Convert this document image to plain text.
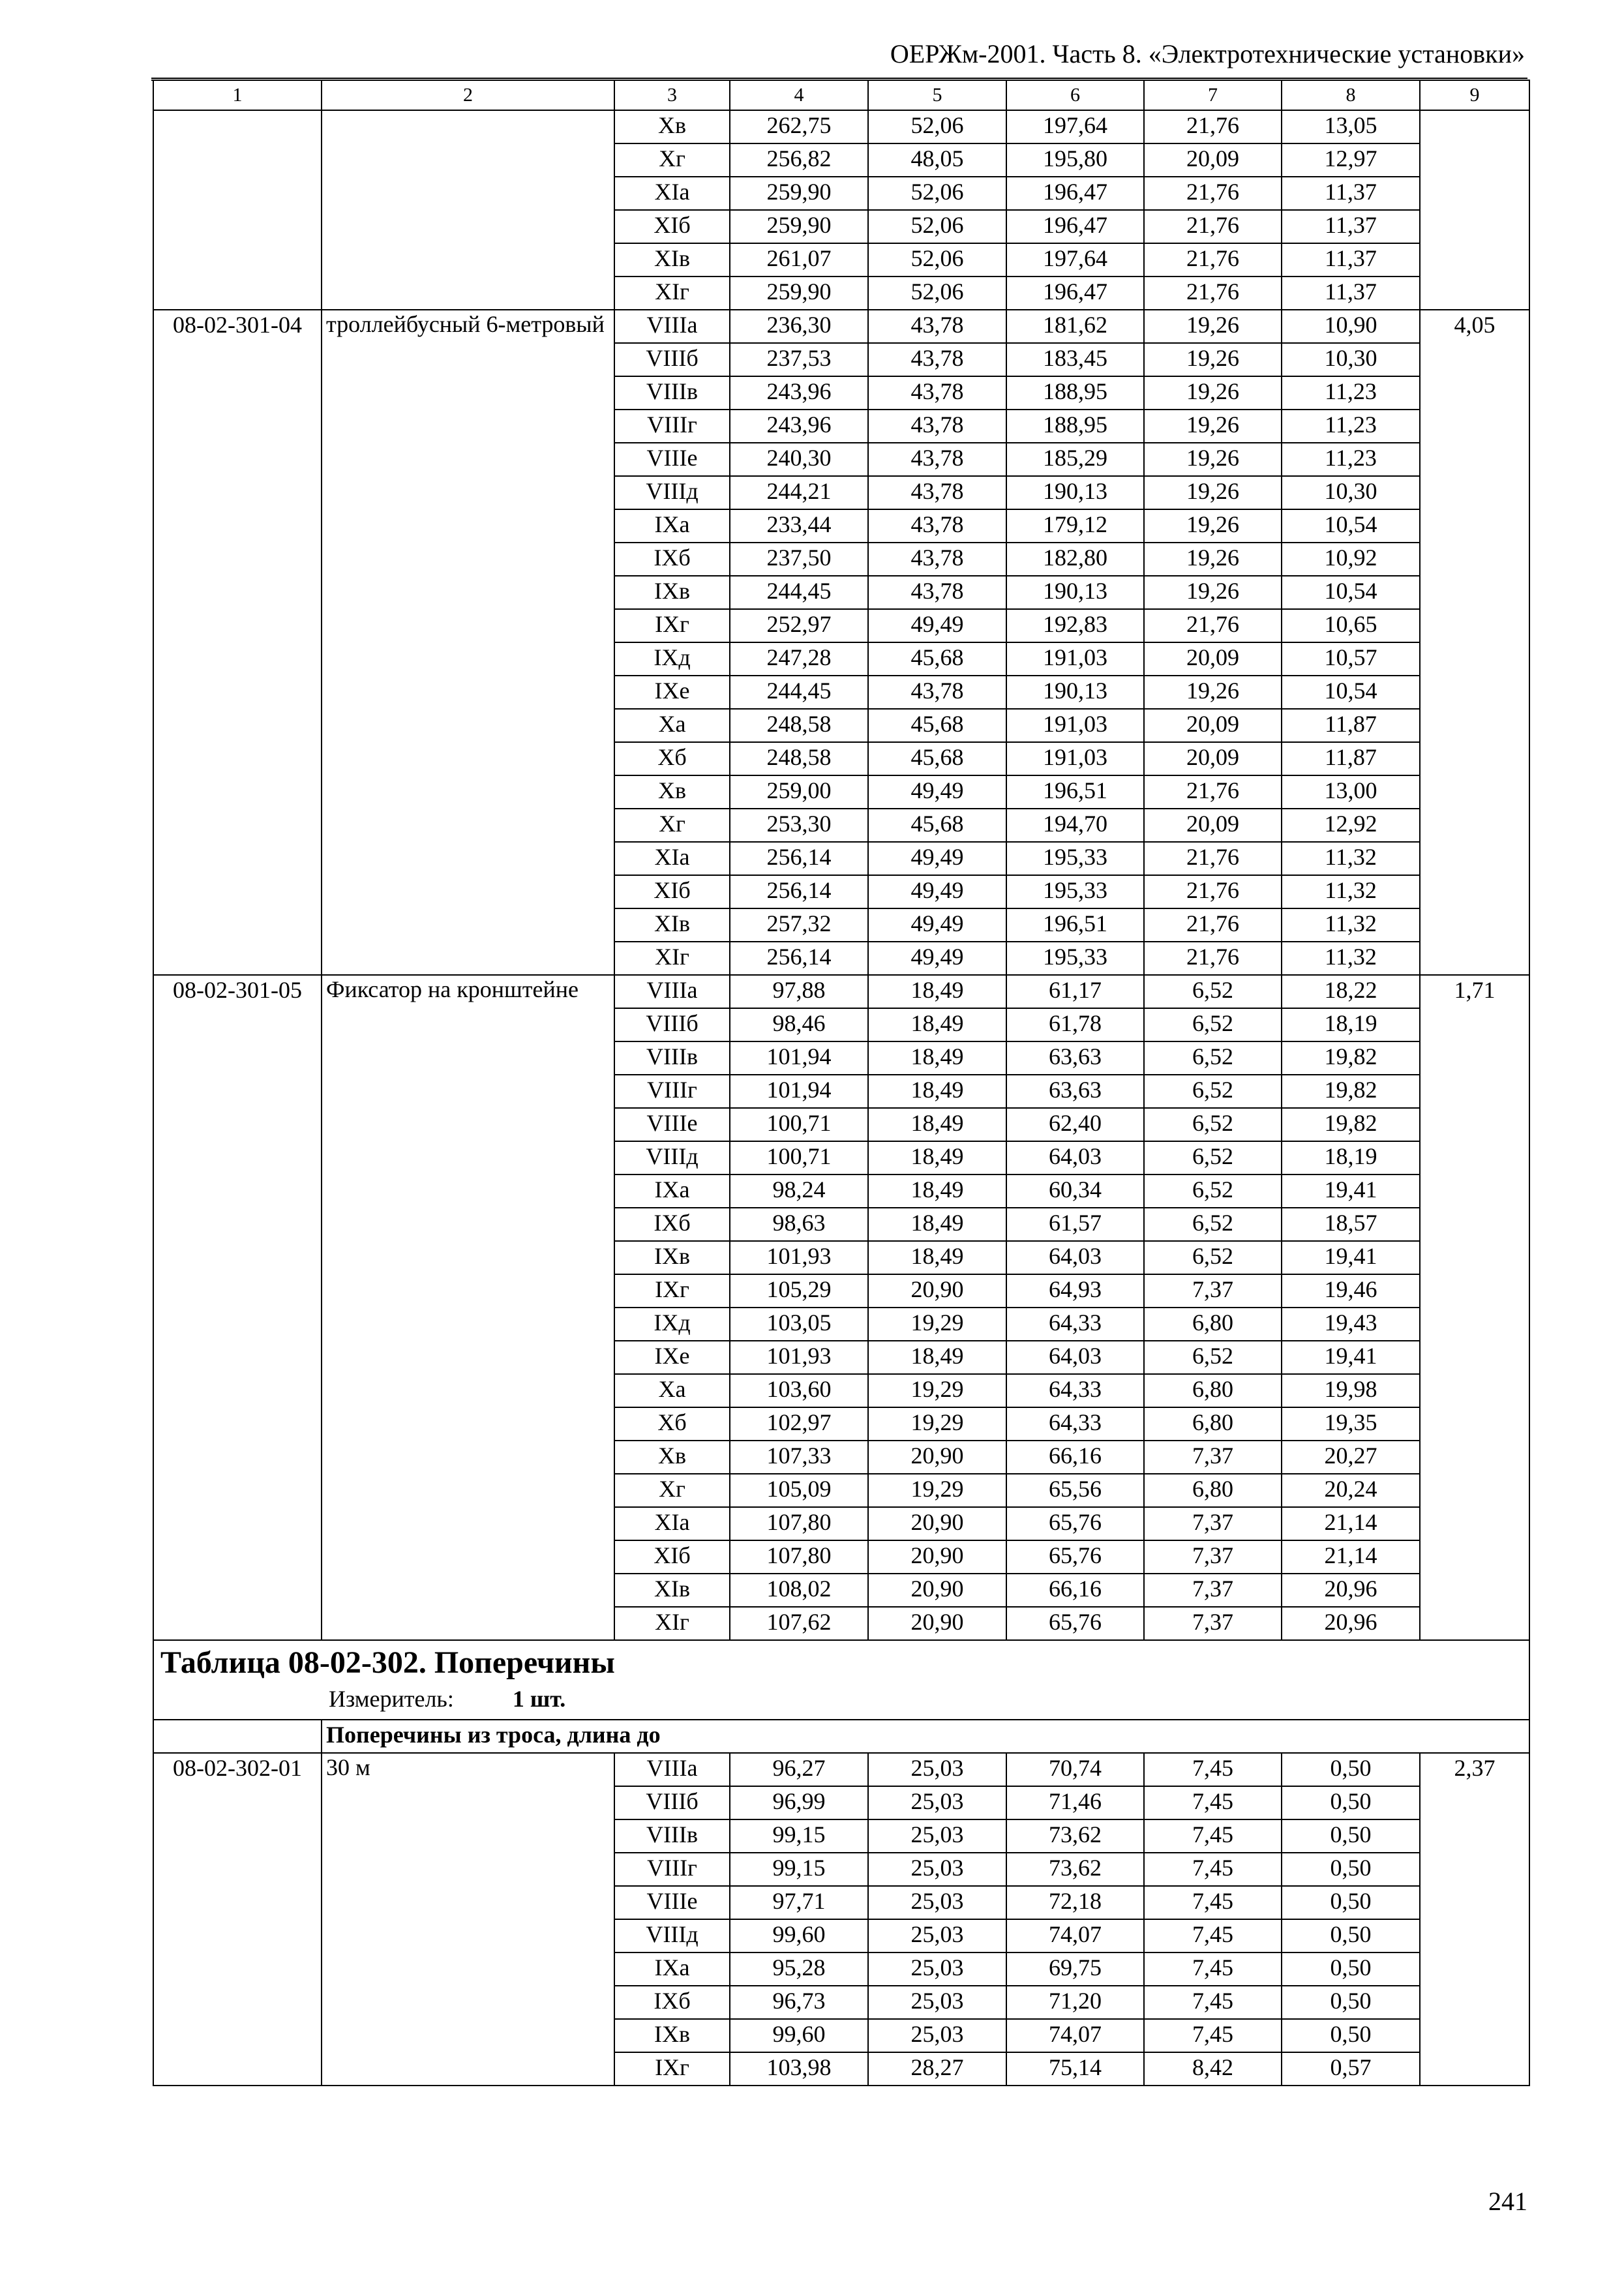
ОЕРЖм-2001. Часть 8. «Электротехнические установки»
1	2	3	4	5	6	7	8	9
		Хв	262,75	52,06	197,64	21,76	13,05	
		Хг	256,82	48,05	195,80	20,09	12,97	
		ХIа	259,90	52,06	196,47	21,76	11,37	
		ХIб	259,90	52,06	196,47	21,76	11,37	
		ХIв	261,07	52,06	197,64	21,76	11,37	
		ХIг	259,90	52,06	196,47	21,76	11,37	
08-02-301-04	троллейбусный 6-метровый	VIIIа	236,30	43,78	181,62	19,26	10,90	4,05
		VIIIб	237,53	43,78	183,45	19,26	10,30	
		VIIIв	243,96	43,78	188,95	19,26	11,23	
		VIIIг	243,96	43,78	188,95	19,26	11,23	
		VIIIе	240,30	43,78	185,29	19,26	11,23	
		VIIIд	244,21	43,78	190,13	19,26	10,30	
		IХа	233,44	43,78	179,12	19,26	10,54	
		IХб	237,50	43,78	182,80	19,26	10,92	
		IХв	244,45	43,78	190,13	19,26	10,54	
		IХг	252,97	49,49	192,83	21,76	10,65	
		IХд	247,28	45,68	191,03	20,09	10,57	
		IХе	244,45	43,78	190,13	19,26	10,54	
		Ха	248,58	45,68	191,03	20,09	11,87	
		Хб	248,58	45,68	191,03	20,09	11,87	
		Хв	259,00	49,49	196,51	21,76	13,00	
		Хг	253,30	45,68	194,70	20,09	12,92	
		ХIа	256,14	49,49	195,33	21,76	11,32	
		ХIб	256,14	49,49	195,33	21,76	11,32	
		ХIв	257,32	49,49	196,51	21,76	11,32	
		ХIг	256,14	49,49	195,33	21,76	11,32	
08-02-301-05	Фиксатор на кронштейне	VIIIа	97,88	18,49	61,17	6,52	18,22	1,71
		VIIIб	98,46	18,49	61,78	6,52	18,19	
		VIIIв	101,94	18,49	63,63	6,52	19,82	
		VIIIг	101,94	18,49	63,63	6,52	19,82	
		VIIIе	100,71	18,49	62,40	6,52	19,82	
		VIIIд	100,71	18,49	64,03	6,52	18,19	
		IХа	98,24	18,49	60,34	6,52	19,41	
		IХб	98,63	18,49	61,57	6,52	18,57	
		IХв	101,93	18,49	64,03	6,52	19,41	
		IХг	105,29	20,90	64,93	7,37	19,46	
		IХд	103,05	19,29	64,33	6,80	19,43	
		IХе	101,93	18,49	64,03	6,52	19,41	
		Ха	103,60	19,29	64,33	6,80	19,98	
		Хб	102,97	19,29	64,33	6,80	19,35	
		Хв	107,33	20,90	66,16	7,37	20,27	
		Хг	105,09	19,29	65,56	6,80	20,24	
		ХIа	107,80	20,90	65,76	7,37	21,14	
		ХIб	107,80	20,90	65,76	7,37	21,14	
		ХIв	108,02	20,90	66,16	7,37	20,96	
		ХIг	107,62	20,90	65,76	7,37	20,96	

Таблица 08-02-302. Поперечины
Измеритель: 1 шт.								

	Поперечины из троса, длина до							
08-02-302-01	30 м	VIIIа	96,27	25,03	70,74	7,45	0,50	2,37
		VIIIб	96,99	25,03	71,46	7,45	0,50	
		VIIIв	99,15	25,03	73,62	7,45	0,50	
		VIIIг	99,15	25,03	73,62	7,45	0,50	
		VIIIе	97,71	25,03	72,18	7,45	0,50	
		VIIIд	99,60	25,03	74,07	7,45	0,50	
		IХа	95,28	25,03	69,75	7,45	0,50	
		IХб	96,73	25,03	71,20	7,45	0,50	
		IХв	99,60	25,03	74,07	7,45	0,50	
		IХг	103,98	28,27	75,14	8,42	0,57	
241
